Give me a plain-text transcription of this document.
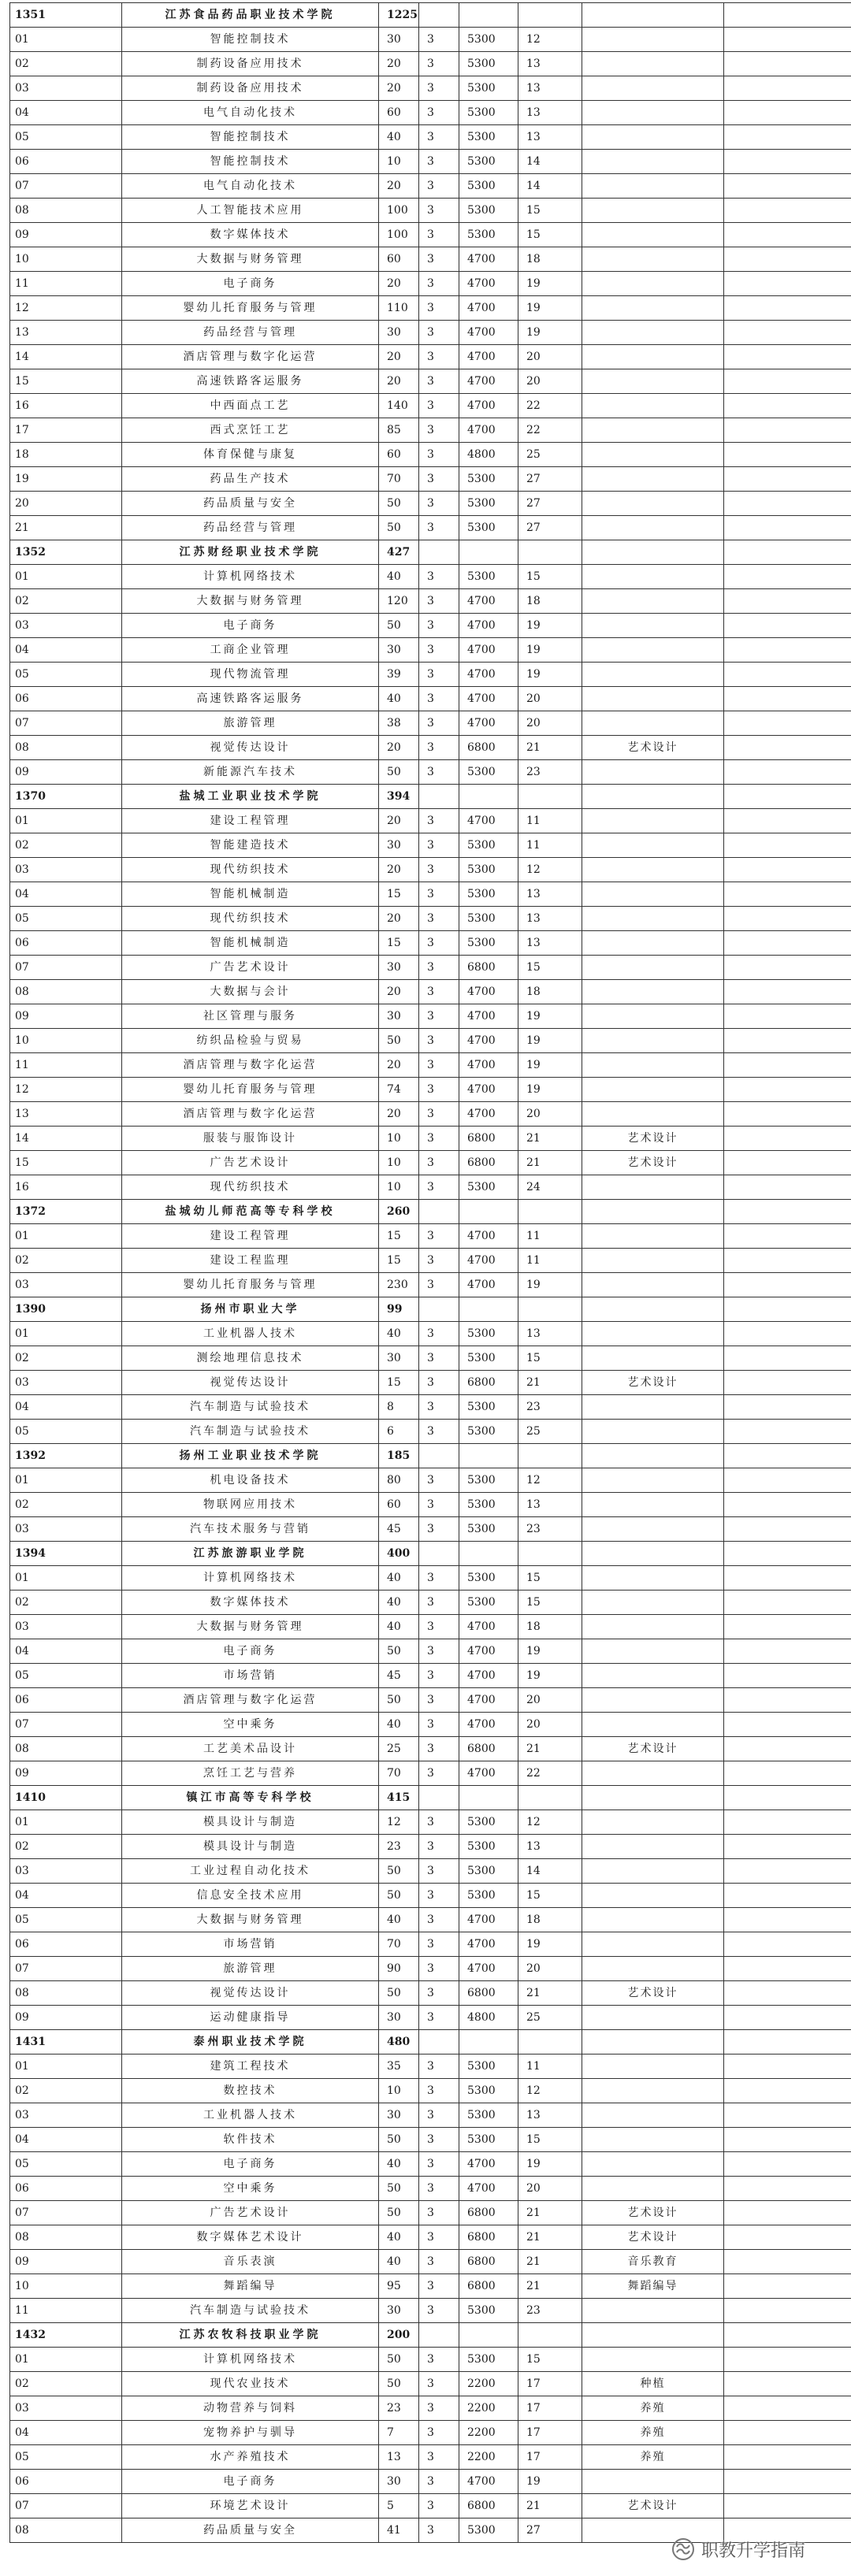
1351	江苏食品药品职业技术学院	1225					
01	智能控制技术	30	3	5300	12		
02	制药设备应用技术	20	3	5300	13		
03	制药设备应用技术	20	3	5300	13		
04	电气自动化技术	60	3	5300	13		
05	智能控制技术	40	3	5300	13		
06	智能控制技术	10	3	5300	14		
07	电气自动化技术	20	3	5300	14		
08	人工智能技术应用	100	3	5300	15		
09	数字媒体技术	100	3	5300	15		
10	大数据与财务管理	60	3	4700	18		
11	电子商务	20	3	4700	19		
12	婴幼儿托育服务与管理	110	3	4700	19		
13	药品经营与管理	30	3	4700	19		
14	酒店管理与数字化运营	20	3	4700	20		
15	高速铁路客运服务	20	3	4700	20		
16	中西面点工艺	140	3	4700	22		
17	西式烹饪工艺	85	3	4700	22		
18	体育保健与康复	60	3	4800	25		
19	药品生产技术	70	3	5300	27		
20	药品质量与安全	50	3	5300	27		
21	药品经营与管理	50	3	5300	27		
1352	江苏财经职业技术学院	427					
01	计算机网络技术	40	3	5300	15		
02	大数据与财务管理	120	3	4700	18		
03	电子商务	50	3	4700	19		
04	工商企业管理	30	3	4700	19		
05	现代物流管理	39	3	4700	19		
06	高速铁路客运服务	40	3	4700	20		
07	旅游管理	38	3	4700	20		
08	视觉传达设计	20	3	6800	21	艺术设计	
09	新能源汽车技术	50	3	5300	23		
1370	盐城工业职业技术学院	394					
01	建设工程管理	20	3	4700	11		
02	智能建造技术	30	3	5300	11		
03	现代纺织技术	20	3	5300	12		
04	智能机械制造	15	3	5300	13		
05	现代纺织技术	20	3	5300	13		
06	智能机械制造	15	3	5300	13		
07	广告艺术设计	30	3	6800	15		
08	大数据与会计	20	3	4700	18		
09	社区管理与服务	30	3	4700	19		
10	纺织品检验与贸易	50	3	4700	19		
11	酒店管理与数字化运营	20	3	4700	19		
12	婴幼儿托育服务与管理	74	3	4700	19		
13	酒店管理与数字化运营	20	3	4700	20		
14	服装与服饰设计	10	3	6800	21	艺术设计	
15	广告艺术设计	10	3	6800	21	艺术设计	
16	现代纺织技术	10	3	5300	24		
1372	盐城幼儿师范高等专科学校	260					
01	建设工程管理	15	3	4700	11		
02	建设工程监理	15	3	4700	11		
03	婴幼儿托育服务与管理	230	3	4700	19		
1390	扬州市职业大学	99					
01	工业机器人技术	40	3	5300	13		
02	测绘地理信息技术	30	3	5300	15		
03	视觉传达设计	15	3	6800	21	艺术设计	
04	汽车制造与试验技术	8	3	5300	23		
05	汽车制造与试验技术	6	3	5300	25		
1392	扬州工业职业技术学院	185					
01	机电设备技术	80	3	5300	12		
02	物联网应用技术	60	3	5300	13		
03	汽车技术服务与营销	45	3	5300	23		
1394	江苏旅游职业学院	400					
01	计算机网络技术	40	3	5300	15		
02	数字媒体技术	40	3	5300	15		
03	大数据与财务管理	40	3	4700	18		
04	电子商务	50	3	4700	19		
05	市场营销	45	3	4700	19		
06	酒店管理与数字化运营	50	3	4700	20		
07	空中乘务	40	3	4700	20		
08	工艺美术品设计	25	3	6800	21	艺术设计	
09	烹饪工艺与营养	70	3	4700	22		
1410	镇江市高等专科学校	415					
01	模具设计与制造	12	3	5300	12		
02	模具设计与制造	23	3	5300	13		
03	工业过程自动化技术	50	3	5300	14		
04	信息安全技术应用	50	3	5300	15		
05	大数据与财务管理	40	3	4700	18		
06	市场营销	70	3	4700	19		
07	旅游管理	90	3	4700	20		
08	视觉传达设计	50	3	6800	21	艺术设计	
09	运动健康指导	30	3	4800	25		
1431	泰州职业技术学院	480					
01	建筑工程技术	35	3	5300	11		
02	数控技术	10	3	5300	12		
03	工业机器人技术	30	3	5300	13		
04	软件技术	50	3	5300	15		
05	电子商务	40	3	4700	19		
06	空中乘务	50	3	4700	20		
07	广告艺术设计	50	3	6800	21	艺术设计	
08	数字媒体艺术设计	40	3	6800	21	艺术设计	
09	音乐表演	40	3	6800	21	音乐教育	
10	舞蹈编导	95	3	6800	21	舞蹈编导	
11	汽车制造与试验技术	30	3	5300	23		
1432	江苏农牧科技职业学院	200					
01	计算机网络技术	50	3	5300	15		
02	现代农业技术	50	3	2200	17	种植	
03	动物营养与饲料	23	3	2200	17	养殖	
04	宠物养护与驯导	7	3	2200	17	养殖	
05	水产养殖技术	13	3	2200	17	养殖	
06	电子商务	30	3	4700	19		
07	环境艺术设计	5	3	6800	21	艺术设计	
08	药品质量与安全	41	3	5300	27		
职教升学指南
